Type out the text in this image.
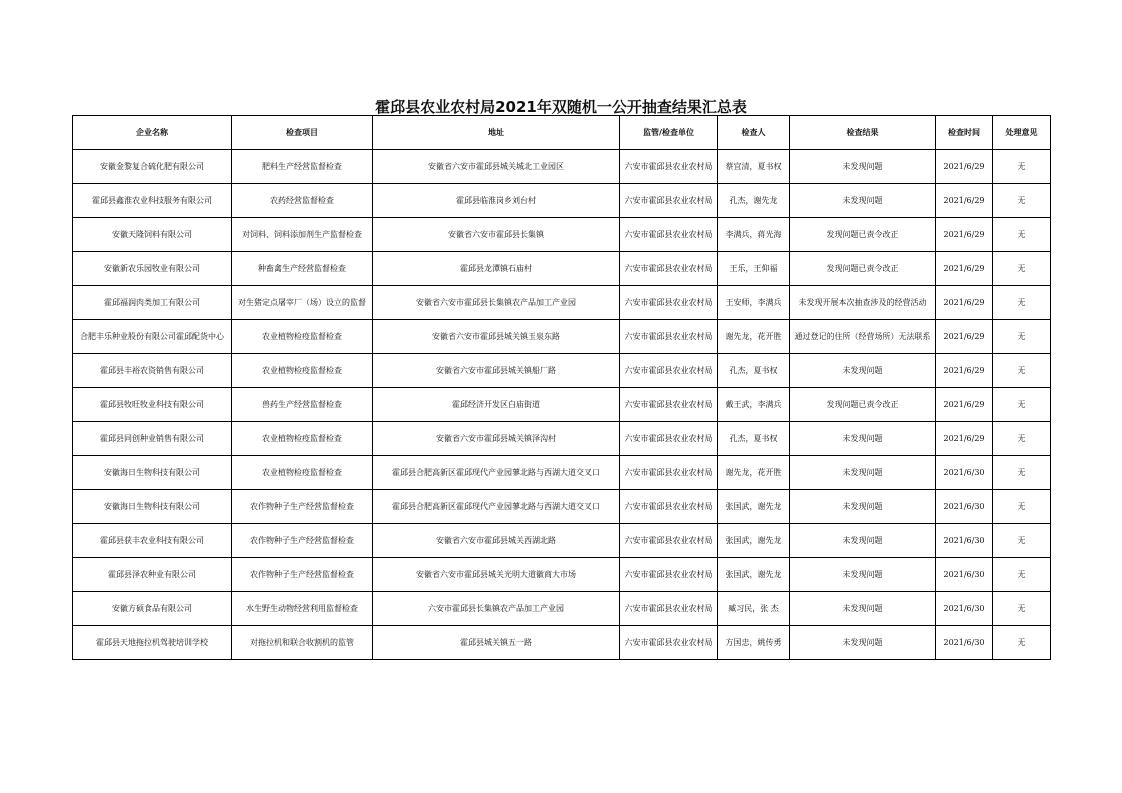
霍邱县农业农村局2021年双随机一公开抽查结果汇总表
企业名称	检查项目	地址	监管/检查单位	检查人	检查结果	检查时间	处理意见
安徽金黎复合硫化肥有限公司	肥料生产经营监督检查	安徽省六安市霍邱县城关城北工业园区	六安市霍邱县农业农村局	蔡宜清，夏书权	未发现问题	2021/6/29	无
霍邱县鑫淮农业科技服务有限公司	农药经营监督检查	霍邱县临淮岗乡刘台村	六安市霍邱县农业农村局	孔杰，谢先龙	未发现问题	2021/6/29	无
安徽天隆饲料有限公司	对饲料、饲料添加剂生产监督检查	安徽省六安市霍邱县长集镇	六安市霍邱县农业农村局	李满兵，蒋光海	发现问题已责令改正	2021/6/29	无
安徽新农乐园牧业有限公司	种畜禽生产经营监督检查	霍邱县龙潭镇石庙村	六安市霍邱县农业农村局	王乐，王仰福	发现问题已责令改正	2021/6/29	无
霍邱福润肉类加工有限公司	对生猪定点屠宰厂（场）设立的监督	安徽省六安市霍邱县长集镇农产品加工产业园	六安市霍邱县农业农村局	王安师，李满兵	未发现开展本次抽查涉及的经营活动	2021/6/29	无
合肥丰乐种业股份有限公司霍邱配货中心	农业植物检疫监督检查	安徽省六安市霍邱县城关镇玉泉东路	六安市霍邱县农业农村局	谢先龙，花开胜	通过登记的住所（经营场所）无法联系	2021/6/29	无
霍邱县丰裕农资销售有限公司	农业植物检疫监督检查	安徽省六安市霍邱县城关镇船厂路	六安市霍邱县农业农村局	孔杰，夏书权	未发现问题	2021/6/29	无
霍邱县牧旺牧业科技有限公司	兽药生产经营监督检查	霍邱经济开发区白庙街道	六安市霍邱县农业农村局	戴王武，李满兵	发现问题已责令改正	2021/6/29	无
霍邱县同创种业销售有限公司	农业植物检疫监督检查	安徽省六安市霍邱县城关镇泽沟村	六安市霍邱县农业农村局	孔杰，夏书权	未发现问题	2021/6/29	无
安徽海日生物科技有限公司	农业植物检疫监督检查	霍邱县合肥高新区霍邱现代产业园蓼北路与西湖大道交叉口	六安市霍邱县农业农村局	谢先龙，花开胜	未发现问题	2021/6/30	无
安徽海日生物科技有限公司	农作物种子生产经营监督检查	霍邱县合肥高新区霍邱现代产业园蓼北路与西湖大道交叉口	六安市霍邱县农业农村局	张国武，谢先龙	未发现问题	2021/6/30	无
霍邱县获丰农业科技有限公司	农作物种子生产经营监督检查	安徽省六安市霍邱县城关西湖北路	六安市霍邱县农业农村局	张国武，谢先龙	未发现问题	2021/6/30	无
霍邱县泽农种业有限公司	农作物种子生产经营监督检查	安徽省六安市霍邱县城关光明大道徽商大市场	六安市霍邱县农业农村局	张国武，谢先龙	未发现问题	2021/6/30	无
安徽方硕食品有限公司	水生野生动物经营利用监督检查	六安市霍邱县长集镇农产品加工产业园	六安市霍邱县农业农村局	臧习民，张 杰	未发现问题	2021/6/30	无
霍邱县天地拖拉机驾驶培训学校	对拖拉机和联合收割机的监管	霍邱县城关镇五一路	六安市霍邱县农业农村局	方国忠，姚传勇	未发现问题	2021/6/30	无
